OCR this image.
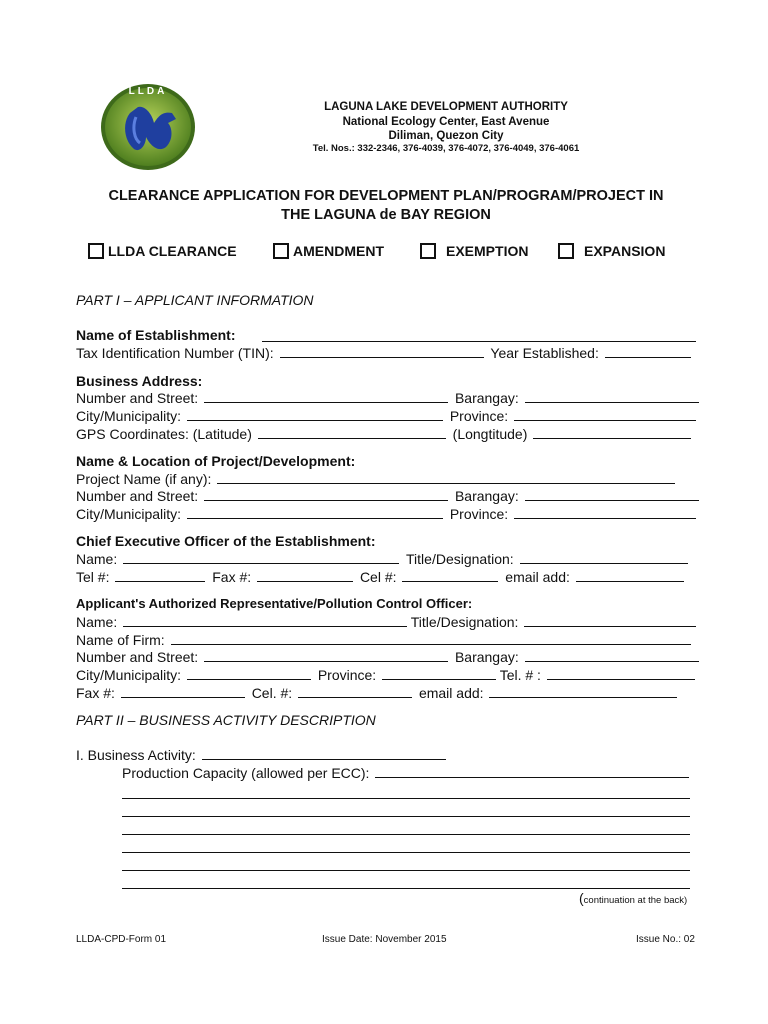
LLDA
LAGUNA LAKE DEVELOPMENT AUTHORITY
National Ecology Center, East Avenue
Diliman, Quezon City
Tel. Nos.: 332-2346, 376-4039, 376-4072, 376-4049, 376-4061
CLEARANCE APPLICATION FOR DEVELOPMENT PLAN/PROGRAM/PROJECT IN
THE LAGUNA de BAY REGION
LLDA CLEARANCE	AMENDMENT	EXEMPTION	EXPANSION
PART I – APPLICANT INFORMATION
Name of Establishment:
Tax Identification Number (TIN):	Year Established:
Business Address:
Number and Street:	Barangay:
City/Municipality:	Province:
GPS Coordinates: (Latitude)	(Longtitude)
Name & Location of Project/Development:
Project Name (if any):
Number and Street:	Barangay:
City/Municipality:	Province:
Chief Executive Officer of the Establishment:
Name:	Title/Designation:
Tel #:	Fax #:	Cel #:	email add:
Applicant's Authorized Representative/Pollution Control Officer:
Name:	Title/Designation:
Name of Firm:
Number and Street:	Barangay:
City/Municipality:	Province:	Tel. # :
Fax #:	Cel. #:	email add:
PART II – BUSINESS ACTIVITY DESCRIPTION
I. Business Activity:
Production Capacity (allowed per ECC):
(continuation at the back)
LLDA-CPD-Form 01	Issue Date: November 2015	Issue No.: 02
